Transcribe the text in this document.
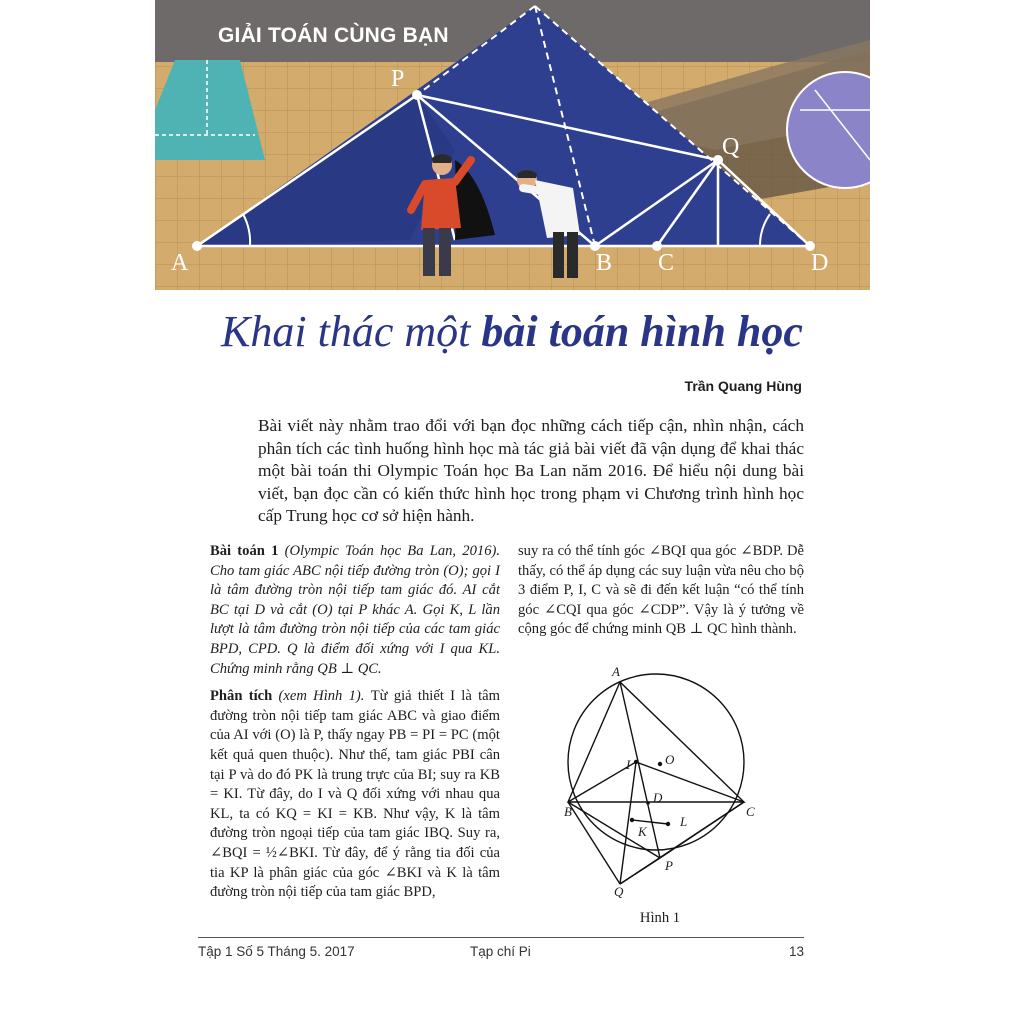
GIẢI TOÁN CÙNG BẠN
P
Q
A	B C	D
Khai thác một bài toán hình học
Trần Quang Hùng
Bài viết này nhằm trao đổi với bạn đọc những cách tiếp cận, nhìn nhận, cách phân tích các tình huống hình học mà tác giả bài viết đã vận dụng để khai thác một bài toán thi Olympic Toán học Ba Lan năm 2016. Để hiểu nội dung bài viết, bạn đọc cần có kiến thức hình học trong phạm vi Chương trình hình học cấp Trung học cơ sở hiện hành.

Bài toán 1 (Olympic Toán học Ba Lan, 2016). Cho tam giác ABC nội tiếp đường tròn (O); gọi I là tâm đường tròn nội tiếp tam giác đó. AI cắt BC tại D và cắt (O) tại P khác A. Gọi K, L lần lượt là tâm đường tròn nội tiếp của các tam giác BPD, CPD. Q là điểm đối xứng với I qua KL. Chứng minh rằng QB ⊥ QC.

Phân tích (xem Hình 1). Từ giả thiết I là tâm đường tròn nội tiếp tam giác ABC và giao điểm của AI với (O) là P, thấy ngay PB = PI = PC (một kết quả quen thuộc). Như thế, tam giác PBI cân tại P và do đó PK là trung trực của BI; suy ra KB = KI. Từ đây, do I và Q đối xứng với nhau qua KL, ta có KQ = KI = KB. Như vậy, K là tâm đường tròn ngoại tiếp của tam giác IBQ. Suy ra, ∠BQI = ½∠BKI. Từ đây, để ý rằng tia đối của tia KP là phân giác của góc ∠BKI và K là tâm đường tròn nội tiếp của tam giác BPD,

suy ra có thể tính góc ∠BQI qua góc ∠BDP. Dễ thấy, có thể áp dụng các suy luận vừa nêu cho bộ 3 điểm P, I, C và sẽ đi đến kết luận “có thể tính góc ∠CQI qua góc ∠CDP”. Vậy là ý tưởng về cộng góc để chứng minh QB ⊥ QC hình thành.

A
B	C
D
I	O
K
L
P
Q
Hình 1
Tập 1 Số 5 Tháng 5. 2017	Tạp chí Pi	13
